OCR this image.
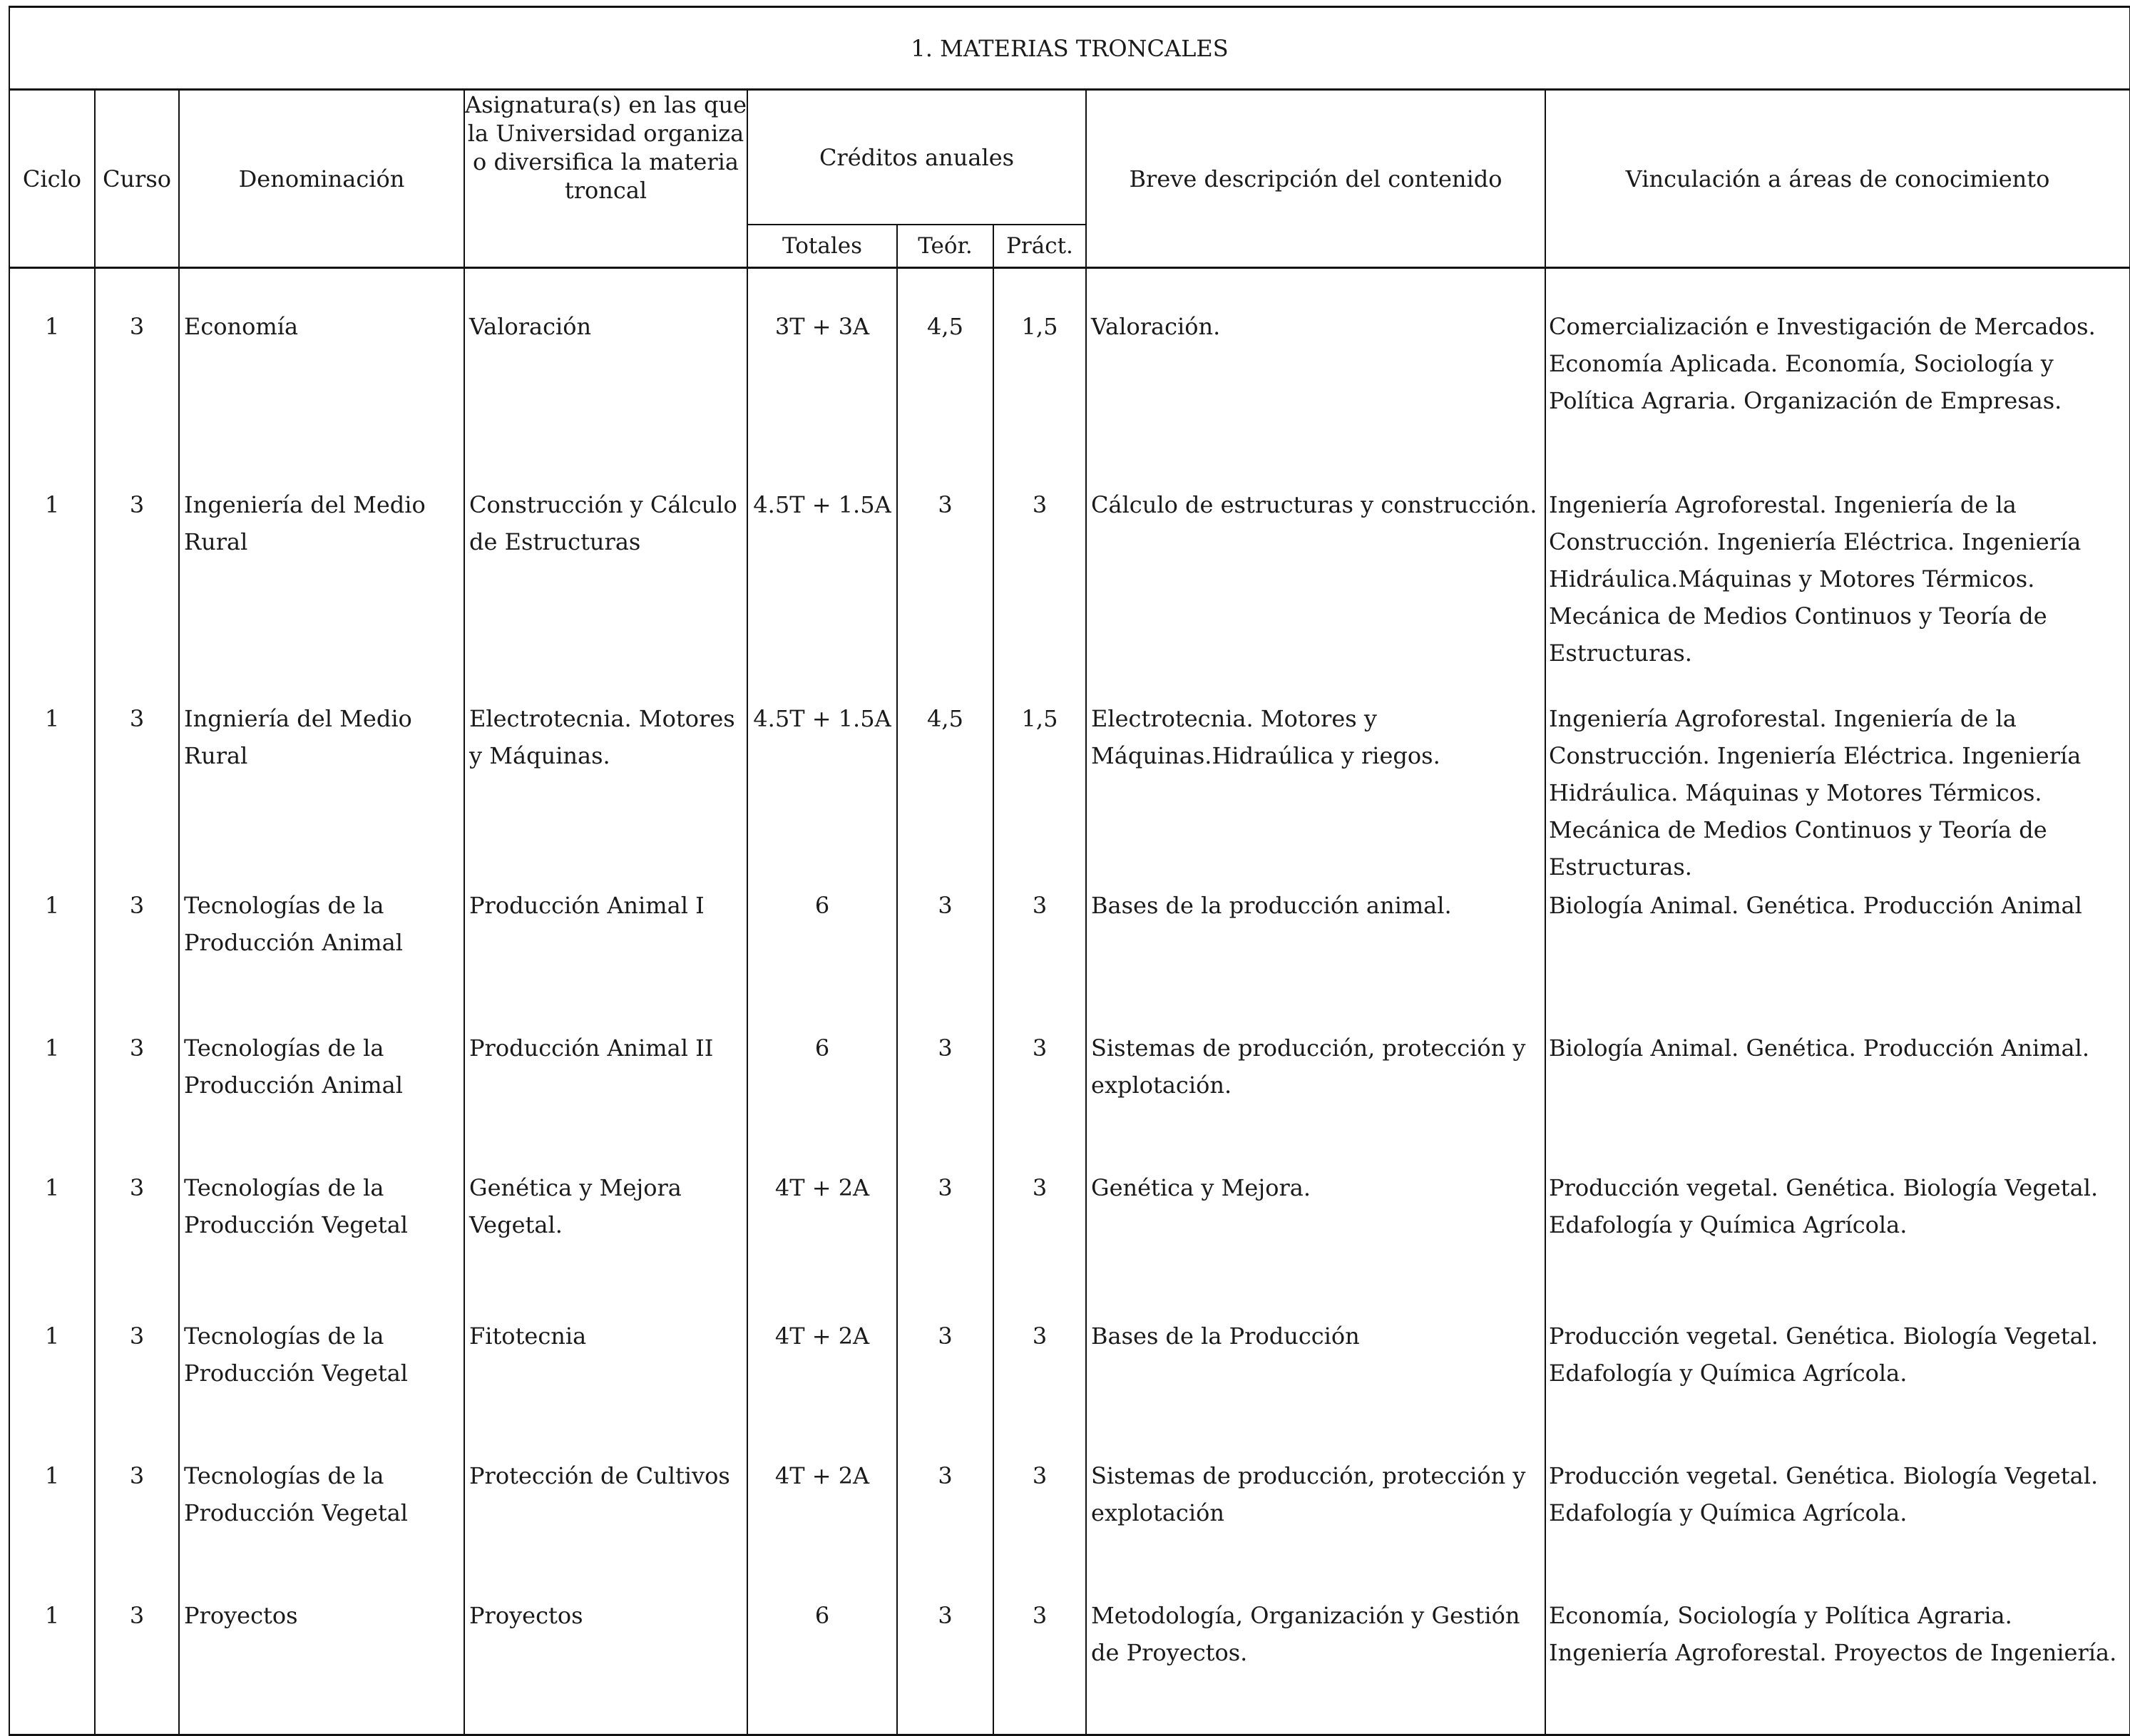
1. MATERIAS TRONCALES								
Ciclo	Curso	Denominación	Asignatura(s) en las que la Universidad organiza o diversifica la materia troncal	Créditos anuales			Breve descripción del contenido	Vinculación a áreas de conocimiento
				Totales	Teór.	Práct.		
1	3	Economía	Valoración	3T + 3A	4,5	1,5	Valoración.	Comercialización e Investigación de Mercados. Economía Aplicada. Economía, Sociología y Política Agraria. Organización de Empresas.
1	3	Ingeniería del Medio Rural	Construcción y Cálculo de Estructuras	4.5T + 1.5A	3	3	Cálculo de estructuras y construcción.	Ingeniería Agroforestal. Ingeniería de la Construcción. Ingeniería Eléctrica. Ingeniería Hidráulica.Máquinas y Motores Térmicos. Mecánica de Medios Continuos y Teoría de Estructuras.
1	3	Ingniería del Medio Rural	Electrotecnia. Motores y Máquinas.	4.5T + 1.5A	4,5	1,5	Electrotecnia. Motores y Máquinas.Hidraúlica y riegos.	Ingeniería Agroforestal. Ingeniería de la Construcción. Ingeniería Eléctrica. Ingeniería Hidráulica. Máquinas y Motores Térmicos. Mecánica de Medios Continuos y Teoría de Estructuras.
1	3	Tecnologías de la Producción Animal	Producción Animal I	6	3	3	Bases de la producción animal.	Biología Animal. Genética. Producción Animal
1	3	Tecnologías de la Producción Animal	Producción Animal II	6	3	3	Sistemas de producción, protección y explotación.	Biología Animal. Genética. Producción Animal.
1	3	Tecnologías de la Producción Vegetal	Genética y Mejora Vegetal.	4T + 2A	3	3	Genética y Mejora.	Producción vegetal. Genética. Biología Vegetal. Edafología y Química Agrícola.
1	3	Tecnologías de la Producción Vegetal	Fitotecnia	4T + 2A	3	3	Bases de la Producción	Producción vegetal. Genética. Biología Vegetal. Edafología y Química Agrícola.
1	3	Tecnologías de la Producción Vegetal	Protección de Cultivos	4T + 2A	3	3	Sistemas de producción, protección y explotación	Producción vegetal. Genética. Biología Vegetal. Edafología y Química Agrícola.
1	3	Proyectos	Proyectos	6	3	3	Metodología, Organización y Gestión de Proyectos.	Economía, Sociología y Política Agraria. Ingeniería Agroforestal. Proyectos de Ingeniería.
